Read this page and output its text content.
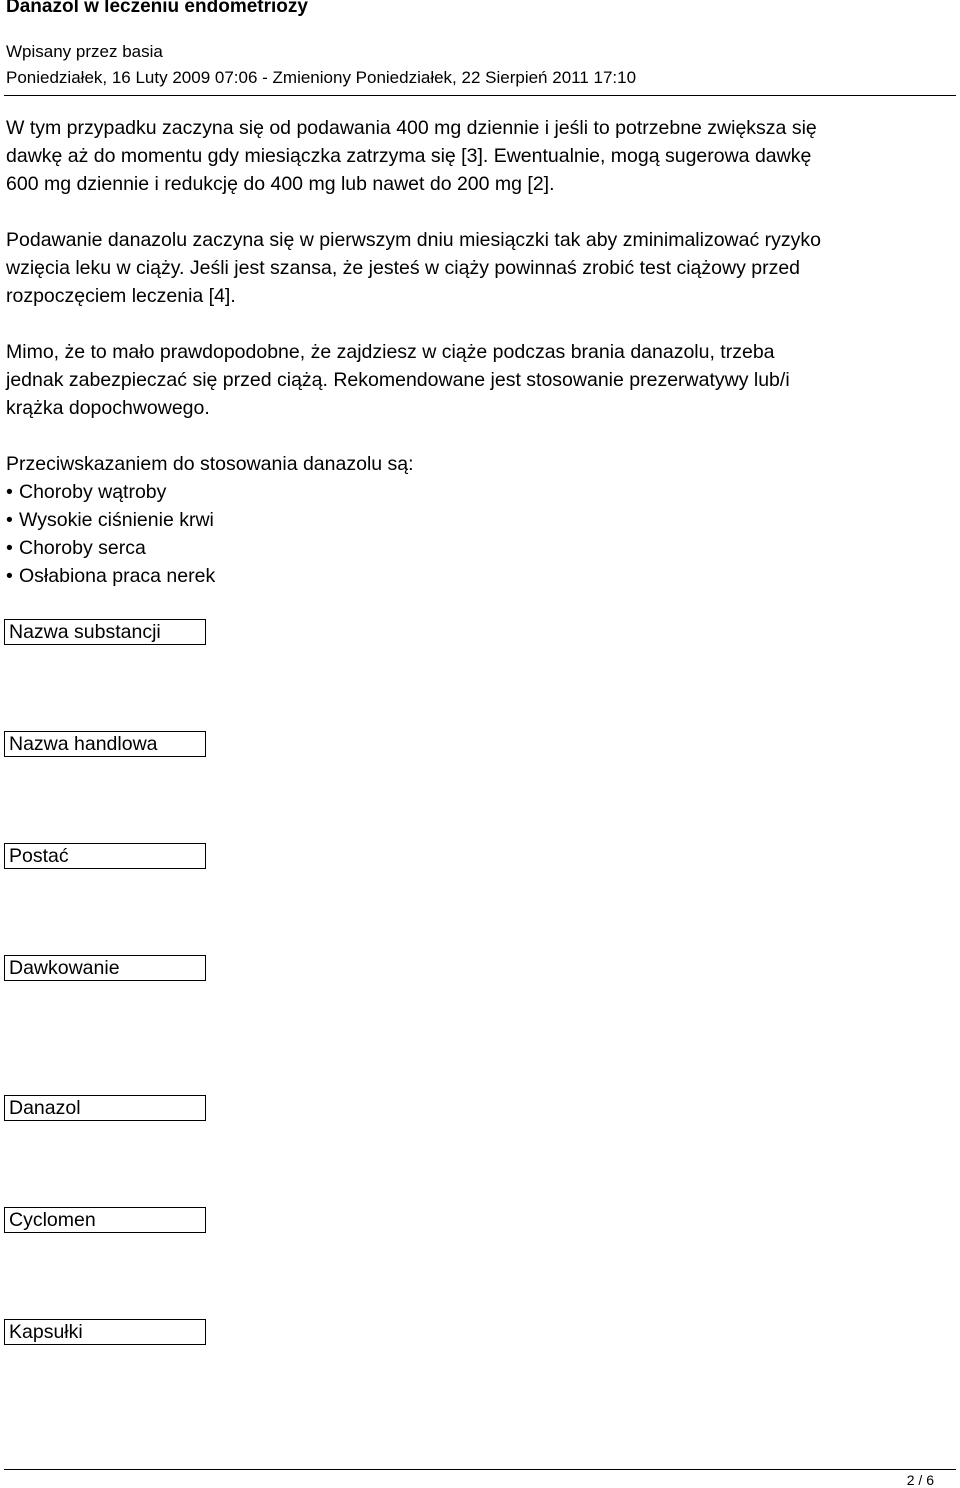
Danazol w leczeniu endometriozy
Wpisany przez basia
Poniedziałek, 16 Luty 2009 07:06 - Zmieniony Poniedziałek, 22 Sierpień 2011 17:10
W tym przypadku zaczyna się od podawania 400 mg dziennie i jeśli to potrzebne zwiększa się
dawkę aż do momentu gdy miesiączka zatrzyma się [3]. Ewentualnie, mogą sugerowa dawkę
600 mg dziennie i redukcję do 400 mg lub nawet do 200 mg [2].
Podawanie danazolu zaczyna się w pierwszym dniu miesiączki tak aby zminimalizować ryzyko
wzięcia leku w ciąży. Jeśli jest szansa, że jesteś w ciąży powinnaś zrobić test ciążowy przed
rozpoczęciem leczenia [4].
Mimo, że to mało prawdopodobne, że zajdziesz w ciąże podczas brania danazolu, trzeba
jednak zabezpieczać się przed ciążą. Rekomendowane jest stosowanie prezerwatywy lub/i
krążka dopochwowego.
Przeciwskazaniem do stosowania danazolu są:
• Choroby wątroby
• Wysokie ciśnienie krwi
• Choroby serca
• Osłabiona praca nerek
Nazwa substancji
Nazwa handlowa
Postać
Dawkowanie
Danazol
Cyclomen
Kapsułki
2 / 6
